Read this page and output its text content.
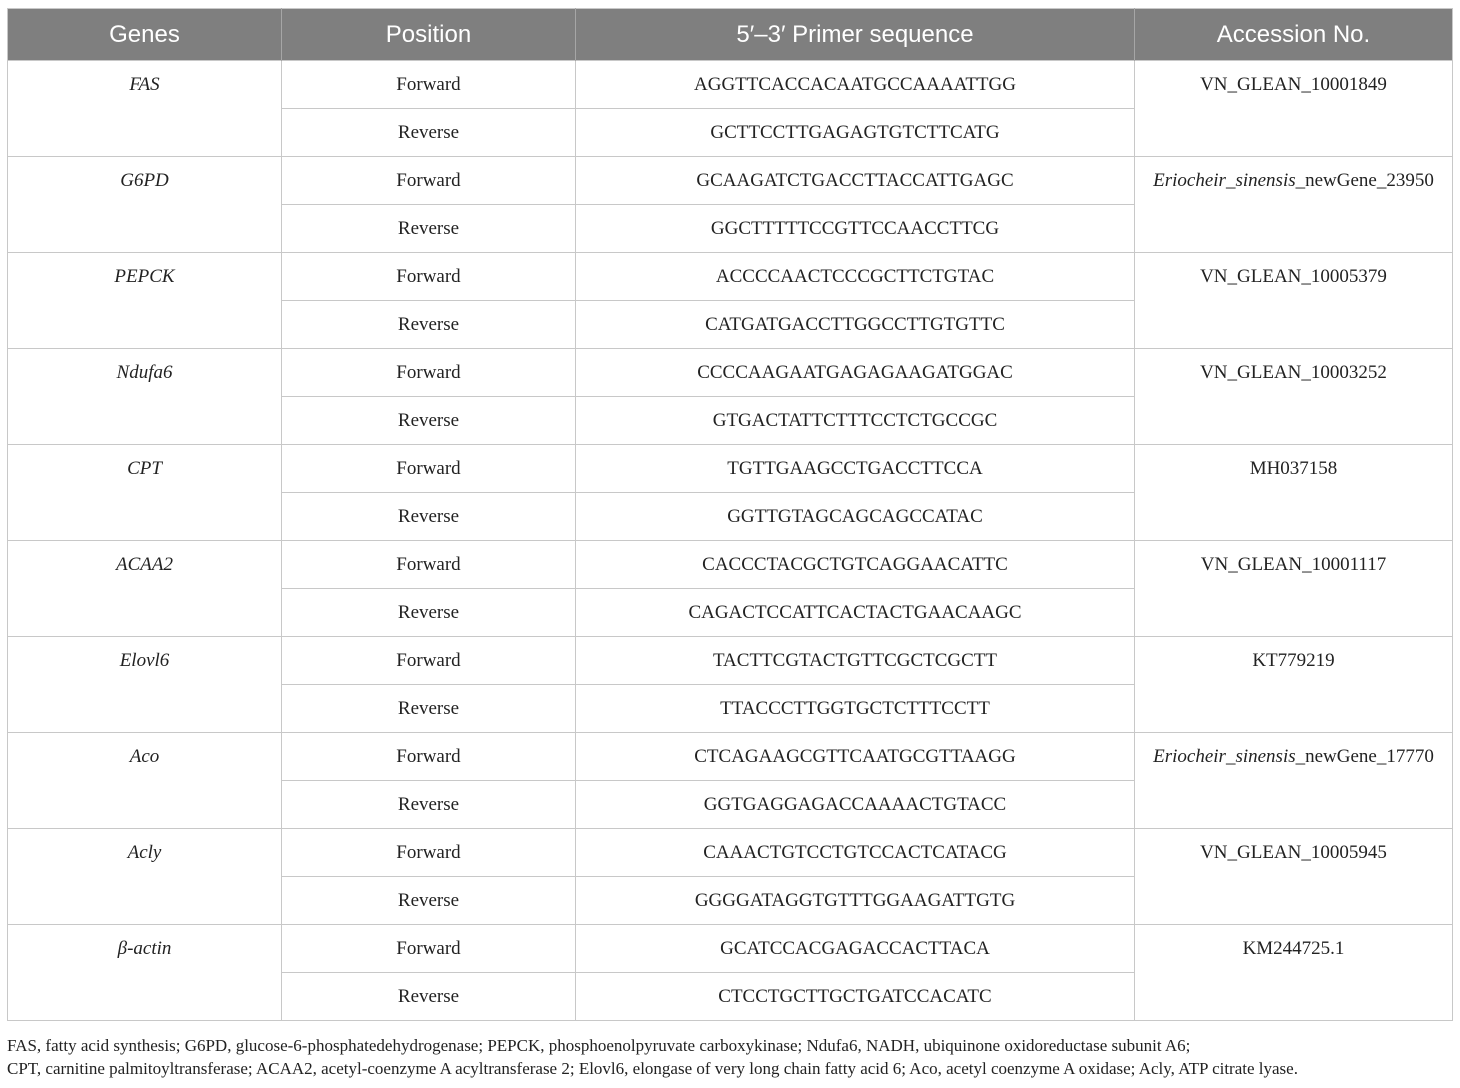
Genes	Position	5′–3′ Primer sequence	Accession No.
FAS	Forward	AGGTTCACCACAATGCCAAAATTGG	VN_GLEAN_10001849
	Reverse	GCTTCCTTGAGAGTGTCTTCATG	
G6PD	Forward	GCAAGATCTGACCTTACCATTGAGC	Eriocheir_sinensis_newGene_23950
	Reverse	GGCTTTTTCCGTTCCAACCTTCG	
PEPCK	Forward	ACCCCAACTCCCGCTTCTGTAC	VN_GLEAN_10005379
	Reverse	CATGATGACCTTGGCCTTGTGTTC	
Ndufa6	Forward	CCCCAAGAATGAGAGAAGATGGAC	VN_GLEAN_10003252
	Reverse	GTGACTATTCTTTCCTCTGCCGC	
CPT	Forward	TGTTGAAGCCTGACCTTCCA	MH037158
	Reverse	GGTTGTAGCAGCAGCCATAC	
ACAA2	Forward	CACCCTACGCTGTCAGGAACATTC	VN_GLEAN_10001117
	Reverse	CAGACTCCATTCACTACTGAACAAGC	
Elovl6	Forward	TACTTCGTACTGTTCGCTCGCTT	KT779219
	Reverse	TTACCCTTGGTGCTCTTTCCTT	
Aco	Forward	CTCAGAAGCGTTCAATGCGTTAAGG	Eriocheir_sinensis_newGene_17770
	Reverse	GGTGAGGAGACCAAAACTGTACC	
Acly	Forward	CAAACTGTCCTGTCCACTCATACG	VN_GLEAN_10005945
	Reverse	GGGGATAGGTGTTTGGAAGATTGTG	
β-actin	Forward	GCATCCACGAGACCACTTACA	KM244725.1
	Reverse	CTCCTGCTTGCTGATCCACATC	

FAS, fatty acid synthesis; G6PD, glucose-6-phosphatedehydrogenase; PEPCK, phosphoenolpyruvate carboxykinase; Ndufa6, NADH, ubiquinone oxidoreductase subunit A6;

CPT, carnitine palmitoyltransferase; ACAA2, acetyl-coenzyme A acyltransferase 2; Elovl6, elongase of very long chain fatty acid 6; Aco, acetyl coenzyme A oxidase; Acly, ATP citrate lyase.
